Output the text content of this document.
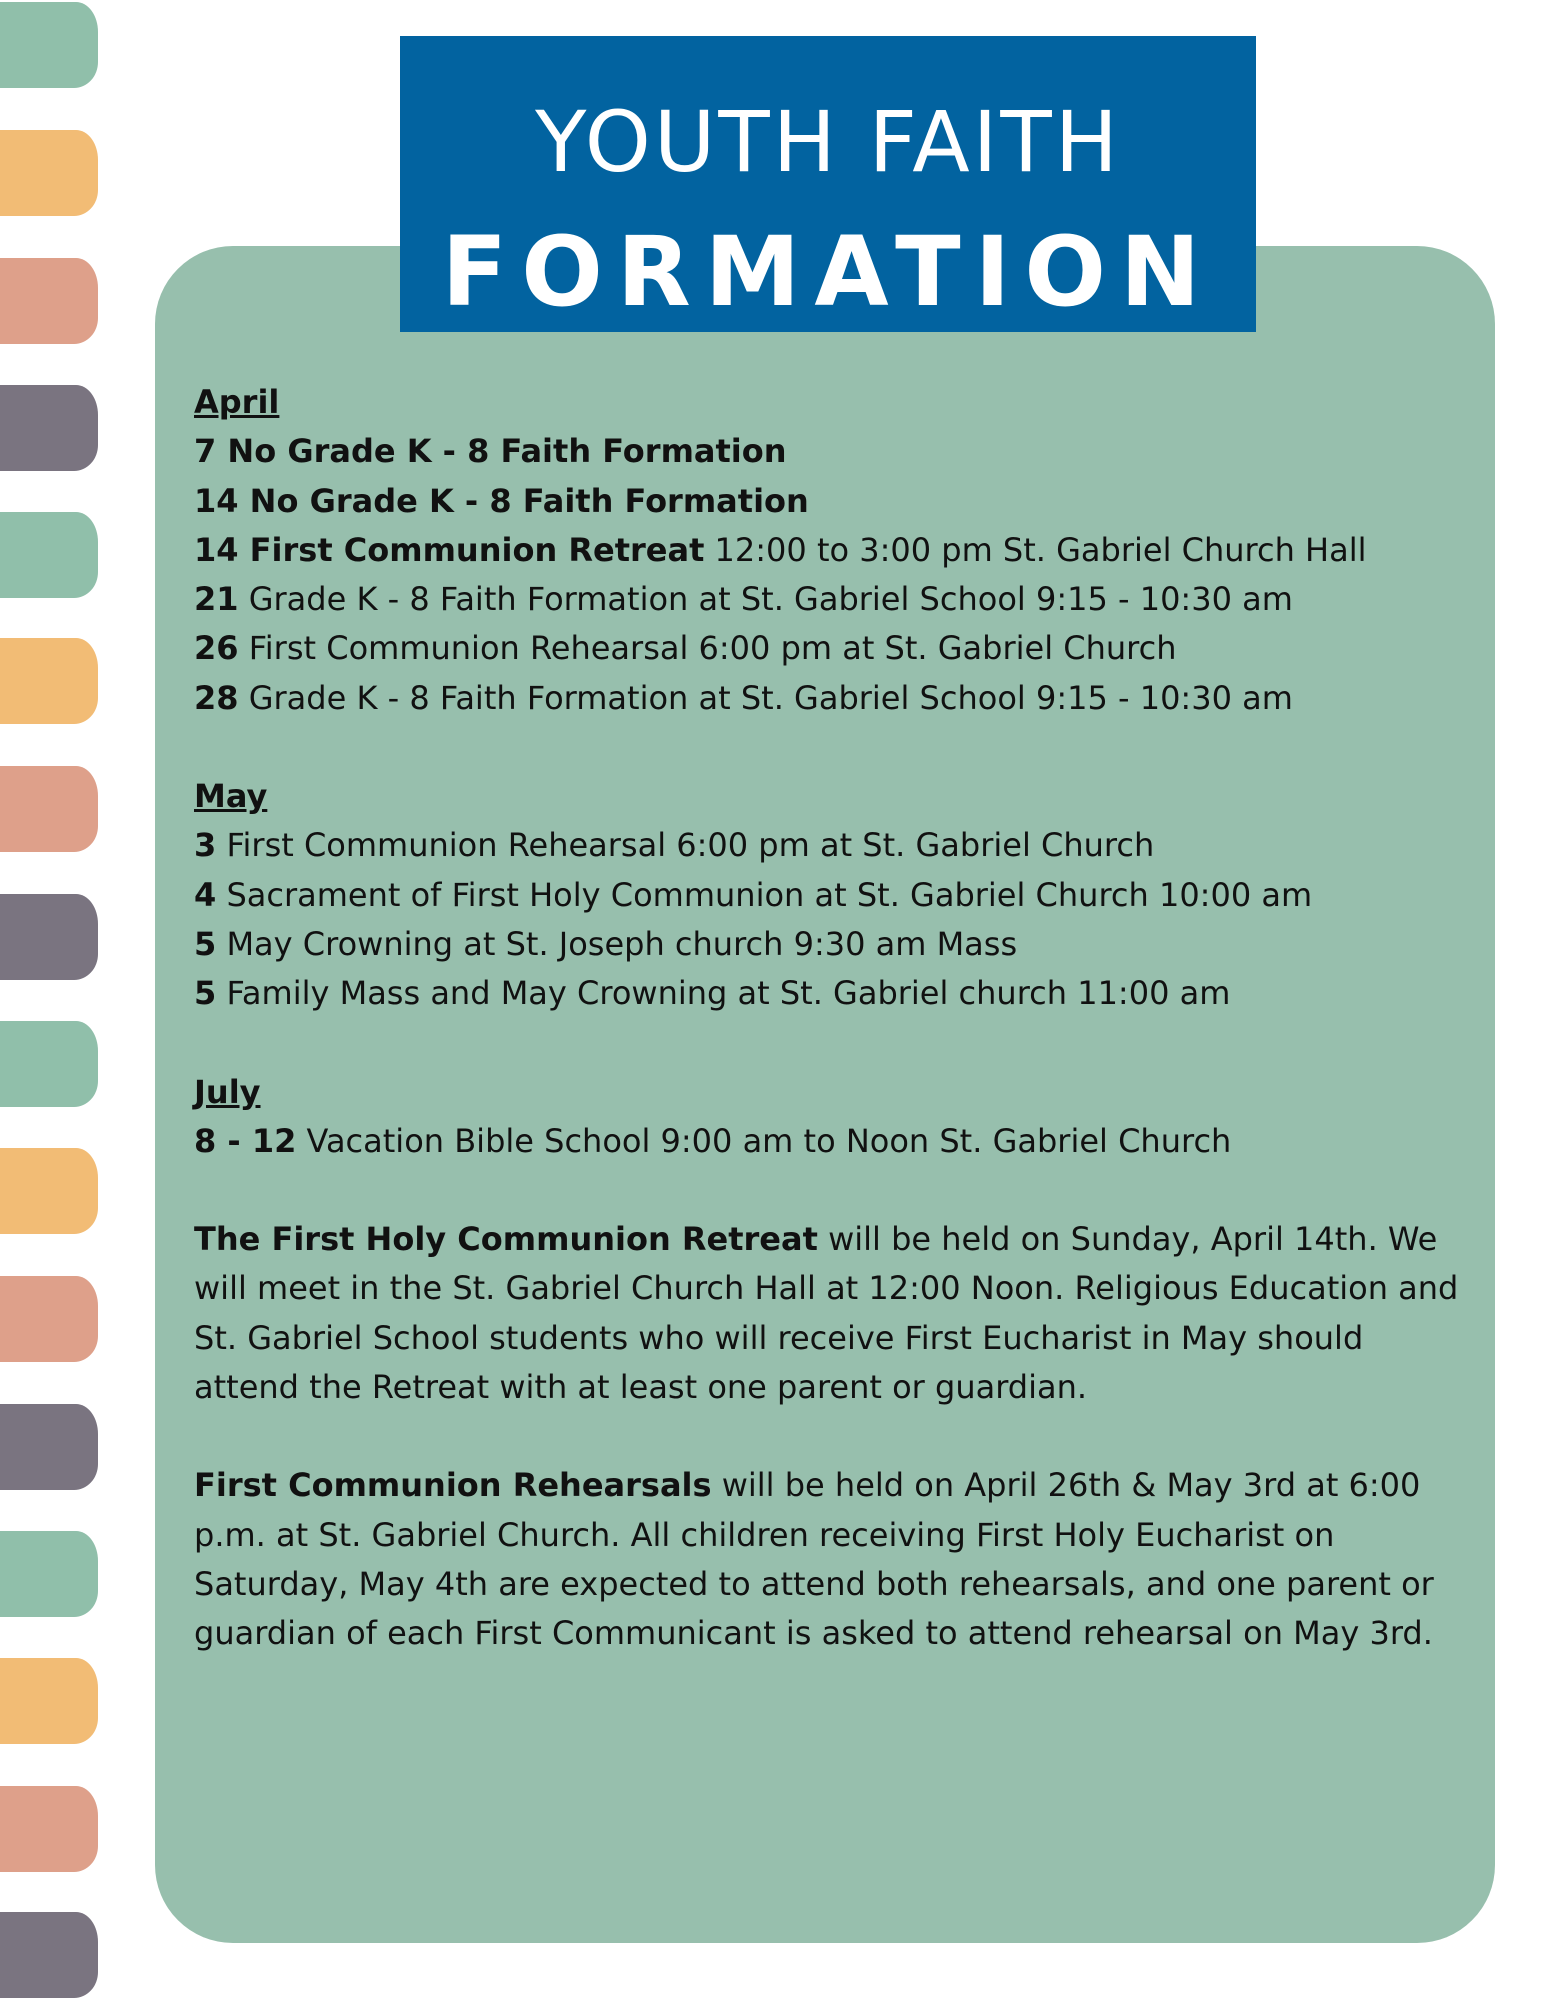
YOUTH FAITH
FORMATION
April
7 No Grade K - 8 Faith Formation
14 No Grade K - 8 Faith Formation
14 First Communion Retreat 12:00 to 3:00 pm St. Gabriel Church Hall
21 Grade K - 8 Faith Formation at St. Gabriel School 9:15 - 10:30 am
26 First Communion Rehearsal 6:00 pm at St. Gabriel Church
28 Grade K - 8 Faith Formation at St. Gabriel School 9:15 - 10:30 am
May
3 First Communion Rehearsal 6:00 pm at St. Gabriel Church
4 Sacrament of First Holy Communion at St. Gabriel Church 10:00 am
5 May Crowning at St. Joseph church 9:30 am Mass
5 Family Mass and May Crowning at St. Gabriel church 11:00 am
July
8 - 12 Vacation Bible School 9:00 am to Noon St. Gabriel Church
The First Holy Communion Retreat will be held on Sunday, April 14th. We will meet in the St. Gabriel Church Hall at 12:00 Noon. Religious Education and St. Gabriel School students who will receive First Eucharist in May should attend the Retreat with at least one parent or guardian.
First Communion Rehearsals will be held on April 26th & May 3rd at 6:00 p.m. at St. Gabriel Church. All children receiving First Holy Eucharist on Saturday, May 4th are expected to attend both rehearsals, and one parent or guardian of each First Communicant is asked to attend rehearsal on May 3rd.
